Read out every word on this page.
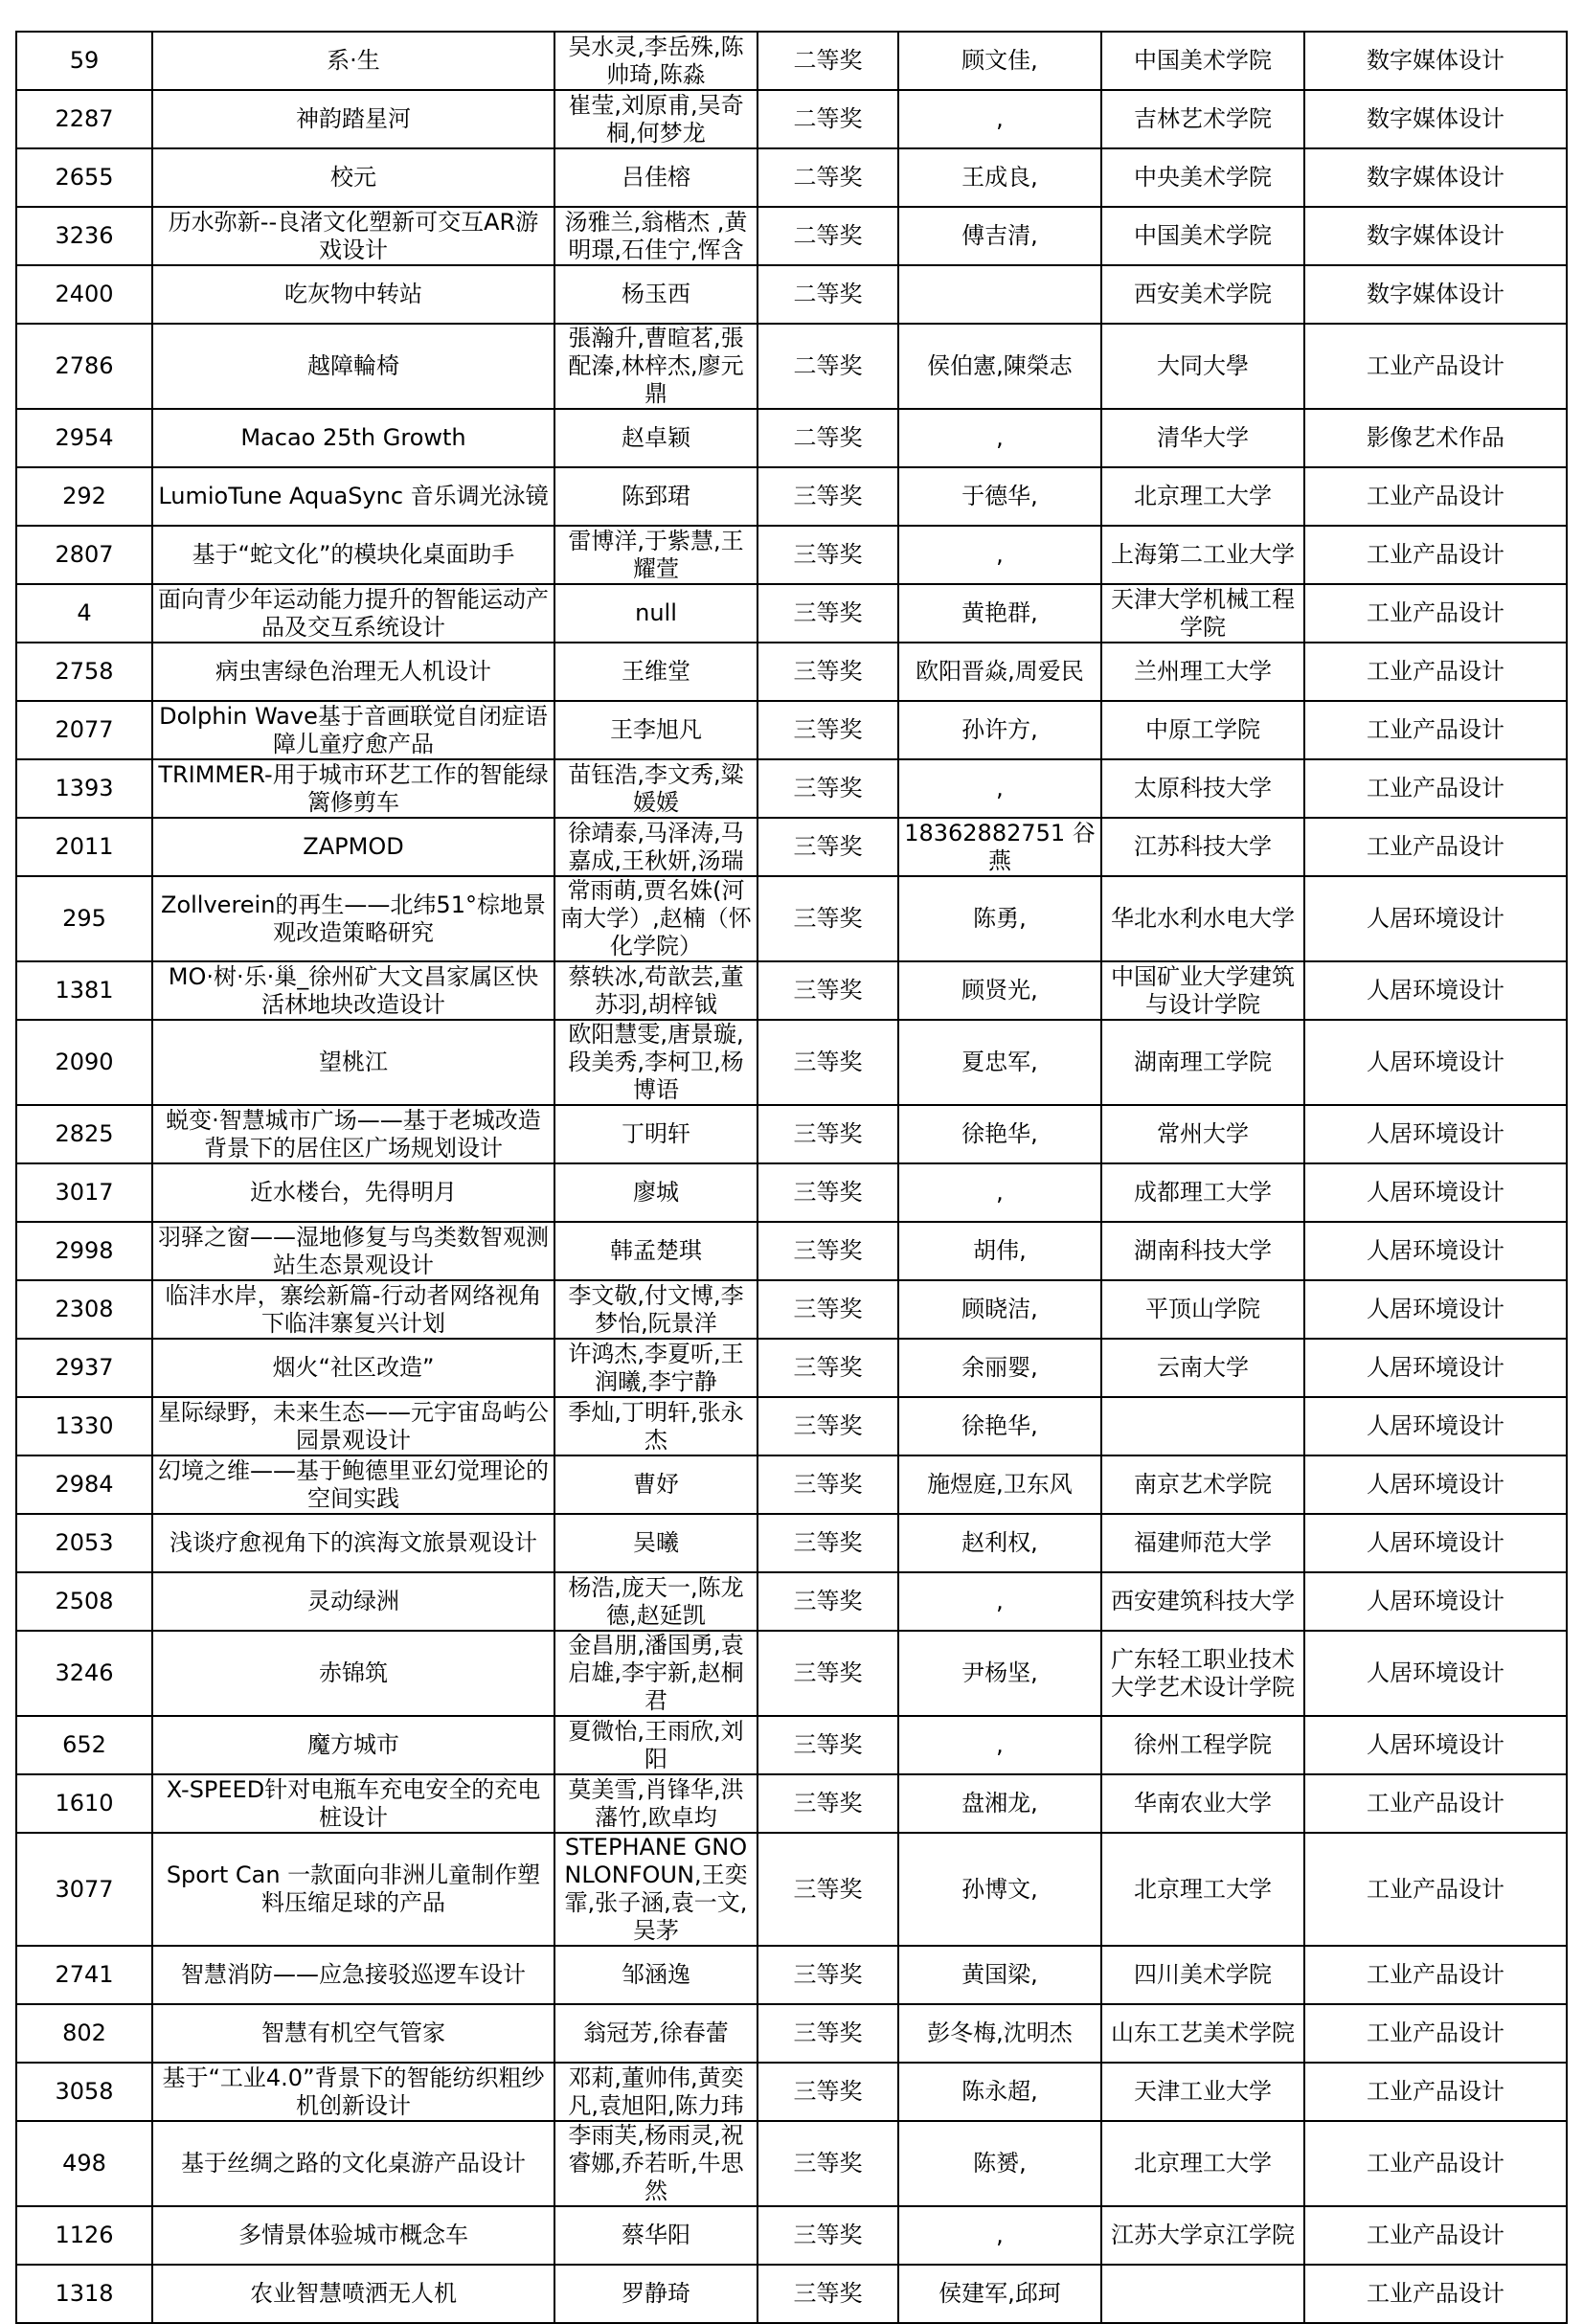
59	系·生	吴水灵,李岳殊,陈帅琦,陈淼	二等奖	顾文佳,	中国美术学院	数字媒体设计
2287	神韵踏星河	崔莹,刘原甫,吴奇桐,何梦龙	二等奖	,	吉林艺术学院	数字媒体设计
2655	校元	吕佳榕	二等奖	王成良,	中央美术学院	数字媒体设计
3236	历水弥新--良渚文化塑新可交互AR游戏设计	汤雅兰,翁楷杰 ,黄明璟,石佳宁,恽含	二等奖	傅吉清,	中国美术学院	数字媒体设计
2400	吃灰物中转站	杨玉西	二等奖		西安美术学院	数字媒体设计
2786	越障輪椅	張瀚升,曹暄茗,張配溱,林梓杰,廖元鼎	二等奖	侯伯憲,陳榮志	大同大學	工业产品设计
2954	Macao 25th Growth	赵卓颖	二等奖	,	清华大学	影像艺术作品
292	LumioTune AquaSync 音乐调光泳镜	陈郅珺	三等奖	于德华,	北京理工大学	工业产品设计
2807	基于“蛇文化”的模块化桌面助手	雷博洋,于紫慧,王耀萱	三等奖	,	上海第二工业大学	工业产品设计
4	面向青少年运动能力提升的智能运动产品及交互系统设计	null	三等奖	黄艳群,	天津大学机械工程学院	工业产品设计
2758	病虫害绿色治理无人机设计	王维堂	三等奖	欧阳晋焱,周爱民	兰州理工大学	工业产品设计
2077	Dolphin Wave基于音画联觉自闭症语障儿童疗愈产品	王李旭凡	三等奖	孙许方,	中原工学院	工业产品设计
1393	TRIMMER-用于城市环艺工作的智能绿篱修剪车	苗钰浩,李文秀,粱媛媛	三等奖	,	太原科技大学	工业产品设计
2011	ZAPMOD	徐靖泰,马泽涛,马嘉成,王秋妍,汤瑞	三等奖	18362882751 谷燕	江苏科技大学	工业产品设计
295	Zollverein的再生——北纬51°棕地景观改造策略研究	常雨萌,贾名姝(河南大学）,赵楠（怀化学院）	三等奖	陈勇,	华北水利水电大学	人居环境设计
1381	MO·树·乐·巢_徐州矿大文昌家属区快活林地块改造设计	蔡轶冰,苟歆芸,董苏羽,胡梓钺	三等奖	顾贤光,	中国矿业大学建筑与设计学院	人居环境设计
2090	望桃江	欧阳慧雯,唐景璇,段美秀,李柯卫,杨博语	三等奖	夏忠军,	湖南理工学院	人居环境设计
2825	蜕变·智慧城市广场——基于老城改造背景下的居住区广场规划设计	丁明轩	三等奖	徐艳华,	常州大学	人居环境设计
3017	近水楼台，先得明月	廖城	三等奖	,	成都理工大学	人居环境设计
2998	羽驿之窗——湿地修复与鸟类数智观测站生态景观设计	韩孟楚琪	三等奖	胡伟,	湖南科技大学	人居环境设计
2308	临沣水岸，寨绘新篇-行动者网络视角下临沣寨复兴计划	李文敬,付文博,李梦怡,阮景洋	三等奖	顾晓洁,	平顶山学院	人居环境设计
2937	烟火“社区改造”	许鸿杰,李夏听,王润曦,李宁静	三等奖	余丽婴,	云南大学	人居环境设计
1330	星际绿野，未来生态——元宇宙岛屿公园景观设计	季灿,丁明轩,张永杰	三等奖	徐艳华,		人居环境设计
2984	幻境之维——基于鲍德里亚幻觉理论的空间实践	曹妤	三等奖	施煜庭,卫东风	南京艺术学院	人居环境设计
2053	浅谈疗愈视角下的滨海文旅景观设计	吴曦	三等奖	赵利权,	福建师范大学	人居环境设计
2508	灵动绿洲	杨浩,庞天一,陈龙德,赵延凯	三等奖	,	西安建筑科技大学	人居环境设计
3246	赤锦筑	金昌朋,潘国勇,袁启雄,李宇新,赵桐君	三等奖	尹杨坚,	广东轻工职业技术大学艺术设计学院	人居环境设计
652	魔方城市	夏微怡,王雨欣,刘阳	三等奖	,	徐州工程学院	人居环境设计
1610	X-SPEED针对电瓶车充电安全的充电桩设计	莫美雪,肖锋华,洪藩竹,欧卓均	三等奖	盘湘龙,	华南农业大学	工业产品设计
3077	Sport Can 一款面向非洲儿童制作塑料压缩足球的产品	STEPHANE GNONLONFOUN,王奕霏,张子涵,袁一文,吴茅	三等奖	孙博文,	北京理工大学	工业产品设计
2741	智慧消防——应急接驳巡逻车设计	邹涵逸	三等奖	黄国梁,	四川美术学院	工业产品设计
802	智慧有机空气管家	翁冠芳,徐春蕾	三等奖	彭冬梅,沈明杰	山东工艺美术学院	工业产品设计
3058	基于“工业4.0”背景下的智能纺织粗纱机创新设计	邓莉,董帅伟,黄奕凡,袁旭阳,陈力玮	三等奖	陈永超,	天津工业大学	工业产品设计
498	基于丝绸之路的文化桌游产品设计	李雨芙,杨雨灵,祝睿娜,乔若昕,牛思然	三等奖	陈赟,	北京理工大学	工业产品设计
1126	多情景体验城市概念车	蔡华阳	三等奖	,	江苏大学京江学院	工业产品设计
1318	农业智慧喷洒无人机	罗静琦	三等奖	侯建军,邱珂		工业产品设计
